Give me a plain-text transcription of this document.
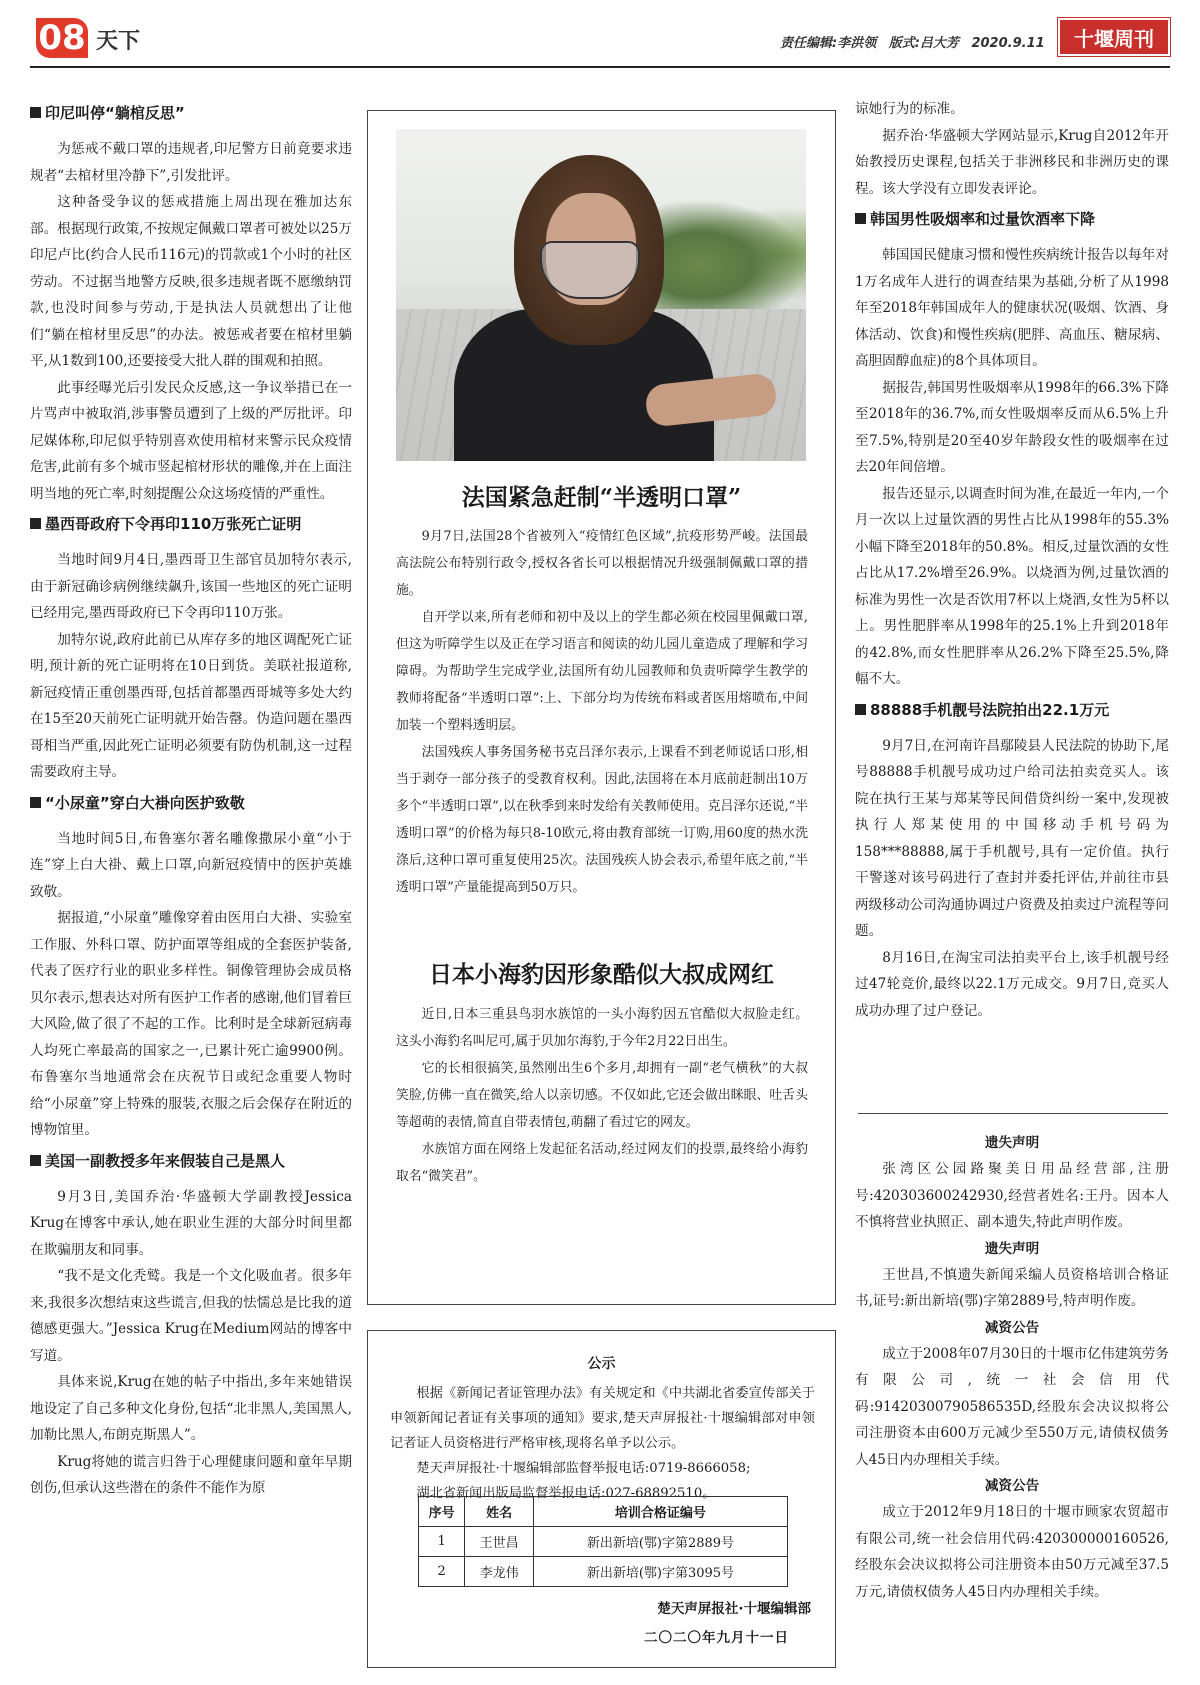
08 天下	责任编辑:李洪领 版式:吕大芳 2020.9.11	十堰周刊
印尼叫停“躺棺反思”

为惩戒不戴口罩的违规者,印尼警方日前竟要求违规者“去棺材里冷静下”,引发批评。

这种备受争议的惩戒措施上周出现在雅加达东部。根据现行政策,不按规定佩戴口罩者可被处以25万印尼卢比(约合人民币116元)的罚款或1个小时的社区劳动。不过据当地警方反映,很多违规者既不愿缴纳罚款,也没时间参与劳动,于是执法人员就想出了让他们“躺在棺材里反思”的办法。被惩戒者要在棺材里躺平,从1数到100,还要接受大批人群的围观和拍照。

此事经曝光后引发民众反感,这一争议举措已在一片骂声中被取消,涉事警员遭到了上级的严厉批评。印尼媒体称,印尼似乎特别喜欢使用棺材来警示民众疫情危害,此前有多个城市竖起棺材形状的雕像,并在上面注明当地的死亡率,时刻提醒公众这场疫情的严重性。

墨西哥政府下令再印110万张死亡证明

当地时间9月4日,墨西哥卫生部官员加特尔表示,由于新冠确诊病例继续飙升,该国一些地区的死亡证明已经用完,墨西哥政府已下令再印110万张。

加特尔说,政府此前已从库存多的地区调配死亡证明,预计新的死亡证明将在10日到货。美联社报道称,新冠疫情正重创墨西哥,包括首都墨西哥城等多处大约在15至20天前死亡证明就开始告罄。伪造问题在墨西哥相当严重,因此死亡证明必须要有防伪机制,这一过程需要政府主导。

“小尿童”穿白大褂向医护致敬

当地时间5日,布鲁塞尔著名雕像撒尿小童“小于连”穿上白大褂、戴上口罩,向新冠疫情中的医护英雄致敬。

据报道,“小尿童”雕像穿着由医用白大褂、实验室工作服、外科口罩、防护面罩等组成的全套医护装备,代表了医疗行业的职业多样性。铜像管理协会成员格贝尔表示,想表达对所有医护工作者的感谢,他们冒着巨大风险,做了很了不起的工作。比利时是全球新冠病毒人均死亡率最高的国家之一,已累计死亡逾9900例。布鲁塞尔当地通常会在庆祝节日或纪念重要人物时给“小尿童”穿上特殊的服装,衣服之后会保存在附近的博物馆里。

美国一副教授多年来假装自己是黑人

9月3日,美国乔治·华盛顿大学副教授Jessica Krug在博客中承认,她在职业生涯的大部分时间里都在欺骗朋友和同事。

“我不是文化秃鹫。我是一个文化吸血者。很多年来,我很多次想结束这些谎言,但我的怯懦总是比我的道德感更强大。”Jessica Krug在Medium网站的博客中写道。

具体来说,Krug在她的帖子中指出,多年来她错误地设定了自己多种文化身份,包括“北非黑人,美国黑人,加勒比黑人,布朗克斯黑人”。

Krug将她的谎言归咎于心理健康问题和童年早期创伤,但承认这些潜在的条件不能作为原

法国紧急赶制“半透明口罩”

9月7日,法国28个省被列入“疫情红色区域”,抗疫形势严峻。法国最高法院公布特别行政令,授权各省长可以根据情况升级强制佩戴口罩的措施。

自开学以来,所有老师和初中及以上的学生都必须在校园里佩戴口罩,但这为听障学生以及正在学习语言和阅读的幼儿园儿童造成了理解和学习障碍。为帮助学生完成学业,法国所有幼儿园教师和负责听障学生教学的教师将配备“半透明口罩”:上、下部分均为传统布料或者医用熔喷布,中间加装一个塑料透明层。

法国残疾人事务国务秘书克吕泽尔表示,上课看不到老师说话口形,相当于剥夺一部分孩子的受教育权利。因此,法国将在本月底前赶制出10万多个“半透明口罩”,以在秋季到来时发给有关教师使用。克吕泽尔还说,“半透明口罩”的价格为每只8-10欧元,将由教育部统一订购,用60度的热水洗涤后,这种口罩可重复使用25次。法国残疾人协会表示,希望年底之前,“半透明口罩”产量能提高到50万只。

日本小海豹因形象酷似大叔成网红

近日,日本三重县鸟羽水族馆的一头小海豹因五官酷似大叔脸走红。这头小海豹名叫尼可,属于贝加尔海豹,于今年2月22日出生。

它的长相很搞笑,虽然刚出生6个多月,却拥有一副“老气横秋”的大叔笑脸,仿佛一直在微笑,给人以亲切感。不仅如此,它还会做出眯眼、吐舌头等超萌的表情,简直自带表情包,萌翻了看过它的网友。

水族馆方面在网络上发起征名活动,经过网友们的投票,最终给小海豹取名“微笑君”。

公示

根据《新闻记者证管理办法》有关规定和《中共湖北省委宣传部关于申领新闻记者证有关事项的通知》要求,楚天声屏报社·十堰编辑部对申领记者证人员资格进行严格审核,现将名单予以公示。

楚天声屏报社·十堰编辑部监督举报电话:0719-8666058;

湖北省新闻出版局监督举报电话:027-68892510。

序号	姓名	培训合格证编号
1	王世昌	新出新培(鄂)字第2889号
2	李龙伟	新出新培(鄂)字第3095号
楚天声屏报社·十堰编辑部
二〇二〇年九月十一日

谅她行为的标准。

据乔治·华盛顿大学网站显示,Krug自2012年开始教授历史课程,包括关于非洲移民和非洲历史的课程。该大学没有立即发表评论。

韩国男性吸烟率和过量饮酒率下降

韩国国民健康习惯和慢性疾病统计报告以每年对1万名成年人进行的调查结果为基础,分析了从1998年至2018年韩国成年人的健康状况(吸烟、饮酒、身体活动、饮食)和慢性疾病(肥胖、高血压、糖尿病、高胆固醇血症)的8个具体项目。

据报告,韩国男性吸烟率从1998年的66.3%下降至2018年的36.7%,而女性吸烟率反而从6.5%上升至7.5%,特别是20至40岁年龄段女性的吸烟率在过去20年间倍增。

报告还显示,以调查时间为准,在最近一年内,一个月一次以上过量饮酒的男性占比从1998年的55.3%小幅下降至2018年的50.8%。相反,过量饮酒的女性占比从17.2%增至26.9%。以烧酒为例,过量饮酒的标准为男性一次是否饮用7杯以上烧酒,女性为5杯以上。男性肥胖率从1998年的25.1%上升到2018年的42.8%,而女性肥胖率从26.2%下降至25.5%,降幅不大。

88888手机靓号法院拍出22.1万元

9月7日,在河南许昌鄢陵县人民法院的协助下,尾号88888手机靓号成功过户给司法拍卖竞买人。该院在执行王某与郑某等民间借贷纠纷一案中,发现被执行人郑某使用的中国移动手机号码为158***88888,属于手机靓号,具有一定价值。执行干警遂对该号码进行了查封并委托评估,并前往市县两级移动公司沟通协调过户资费及拍卖过户流程等问题。

8月16日,在淘宝司法拍卖平台上,该手机靓号经过47轮竞价,最终以22.1万元成交。9月7日,竞买人成功办理了过户登记。

遗失声明

张湾区公园路聚美日用品经营部,注册号:420303600242930,经营者姓名:王丹。因本人不慎将营业执照正、副本遗失,特此声明作废。

遗失声明

王世昌,不慎遗失新闻采编人员资格培训合格证书,证号:新出新培(鄂)字第2889号,特声明作废。

减资公告

成立于2008年07月30日的十堰市亿伟建筑劳务有限公司,统一社会信用代码:91420300790586535D,经股东会决议拟将公司注册资本由600万元减少至550万元,请债权债务人45日内办理相关手续。

减资公告

成立于2012年9月18日的十堰市顾家农贸超市有限公司,统一社会信用代码:420300000160526,经股东会决议拟将公司注册资本由50万元减至37.5万元,请债权债务人45日内办理相关手续。
